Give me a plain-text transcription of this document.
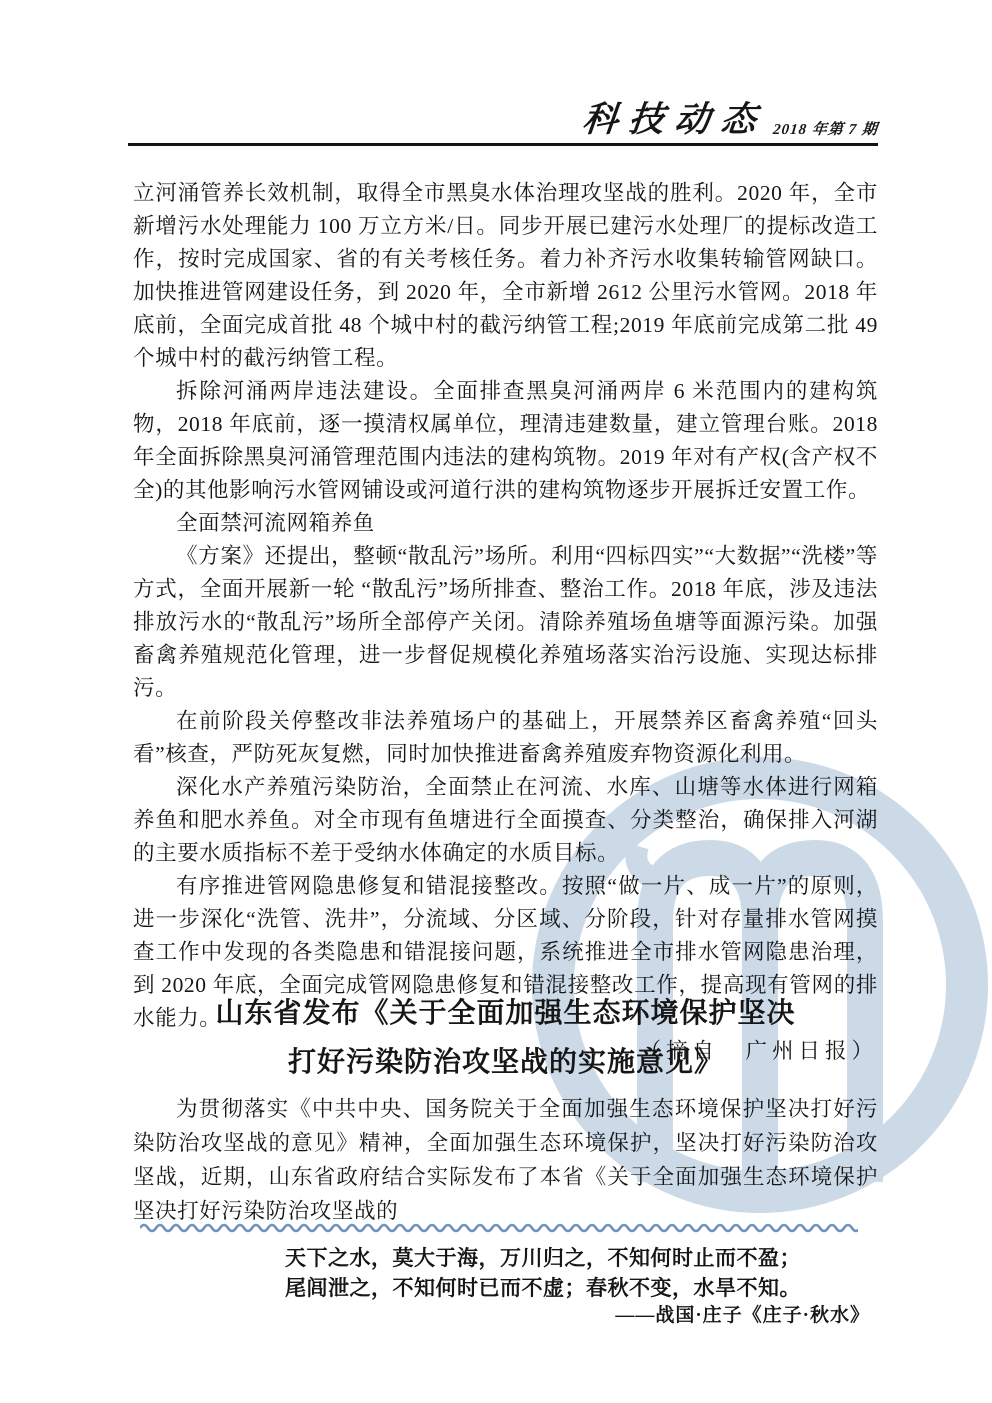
科技动态 2018 年第 7 期

立河涌管养长效机制，取得全市黑臭水体治理攻坚战的胜利。2020 年，全市新增污水处理能力 100 万立方米/日。同步开展已建污水处理厂的提标改造工作，按时完成国家、省的有关考核任务。着力补齐污水收集转输管网缺口。加快推进管网建设任务，到 2020 年，全市新增 2612 公里污水管网。2018 年底前，全面完成首批 48 个城中村的截污纳管工程;2019 年底前完成第二批 49 个城中村的截污纳管工程。

拆除河涌两岸违法建设。全面排查黑臭河涌两岸 6 米范围内的建构筑物，2018 年底前，逐一摸清权属单位，理清违建数量，建立管理台账。2018 年全面拆除黑臭河涌管理范围内违法的建构筑物。2019 年对有产权(含产权不全)的其他影响污水管网铺设或河道行洪的建构筑物逐步开展拆迁安置工作。

全面禁河流网箱养鱼

《方案》还提出，整顿“散乱污”场所。利用“四标四实”“大数据”“洗楼”等方式，全面开展新一轮 “散乱污”场所排查、整治工作。2018 年底，涉及违法排放污水的“散乱污”场所全部停产关闭。清除养殖场鱼塘等面源污染。加强畜禽养殖规范化管理，进一步督促规模化养殖场落实治污设施、实现达标排污。

在前阶段关停整改非法养殖场户的基础上，开展禁养区畜禽养殖“回头看”核查，严防死灰复燃，同时加快推进畜禽养殖废弃物资源化利用。

深化水产养殖污染防治，全面禁止在河流、水库、山塘等水体进行网箱养鱼和肥水养鱼。对全市现有鱼塘进行全面摸查、分类整治，确保排入河湖的主要水质指标不差于受纳水体确定的水质目标。

有序推进管网隐患修复和错混接整改。按照“做一片、成一片”的原则，进一步深化“洗管、洗井”，分流域、分区域、分阶段，针对存量排水管网摸查工作中发现的各类隐患和错混接问题，系统推进全市排水管网隐患治理，到 2020 年底，全面完成管网隐患修复和错混接整改工作，提高现有管网的排水能力。

（摘自　广州日报）

山东省发布《关于全面加强生态环境保护坚决
打好污染防治攻坚战的实施意见》

为贯彻落实《中共中央、国务院关于全面加强生态环境保护坚决打好污染防治攻坚战的意见》精神，全面加强生态环境保护，坚决打好污染防治攻坚战，近期，山东省政府结合实际发布了本省《关于全面加强生态环境保护坚决打好污染防治攻坚战的

天下之水，莫大于海，万川归之，不知何时止而不盈；
尾闾泄之，不知何时已而不虚；春秋不变，水旱不知。
——战国·庄子《庄子·秋水》
